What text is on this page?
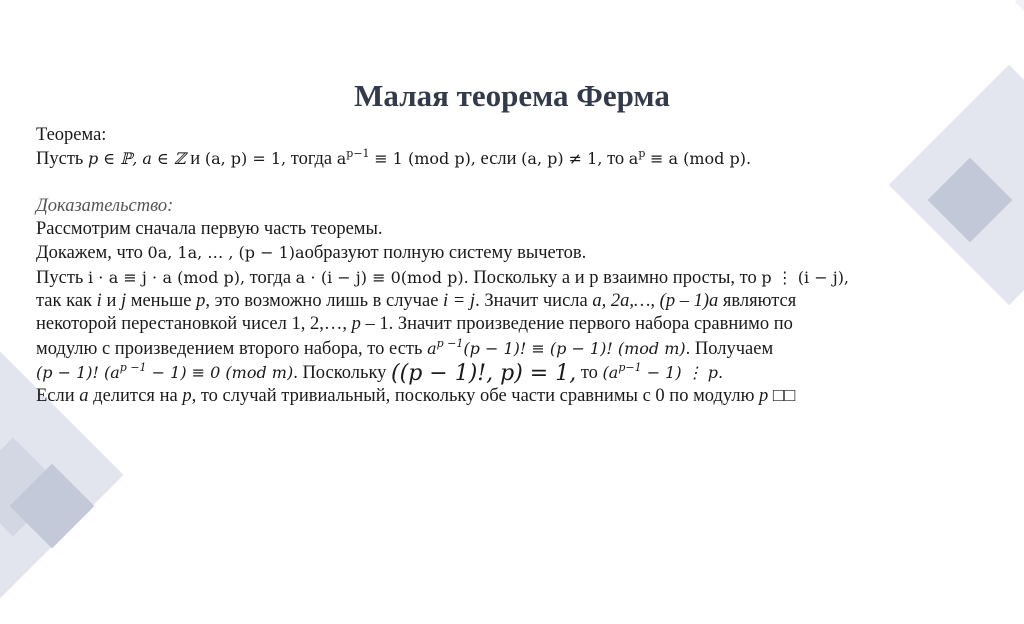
Малая теорема Ферма
Теорема:
Пусть 𝑝 ∈ ℙ, 𝑎 ∈ ℤ и (a, p) = 1, тогда $a^{p-1} \equiv 1$ (mod p), если (a, p) ≠ 1, то $a^p \equiv a$ (mod p).
Доказательство:
Рассмотрим сначала первую часть теоремы.
Докажем, что 0a, 1a, … , (p − 1)aобразуют полную систему вычетов.
Пусть i ⋅ a ≡ j ⋅ a (mod p), тогда a ⋅ (i − j) ≡ 0(mod p). Поскольку a и p взаимно просты, то p ⋮ (i − j),
так как i и j меньше p, это возможно лишь в случае i = j. Значит числа a, 2a,…, (p – 1)a являются
некоторой перестановкой чисел 1, 2,…, p – 1. Значит произведение первого набора сравнимо по
модулю с произведением второго набора, то есть $a^{p -1}(p - 1)$! ≡ (p − 1)! (mod m). Получаем
(p − 1)! $(a^{p -1} - 1) \equiv 0$ (mod m). Поскольку ((p − 1)!, p) = 1, то $(a^{p-1} - 1)$ ⋮ p.
Если a делится на p, то случай тривиальный, поскольку обе части сравнимы с 0 по модулю p □□
